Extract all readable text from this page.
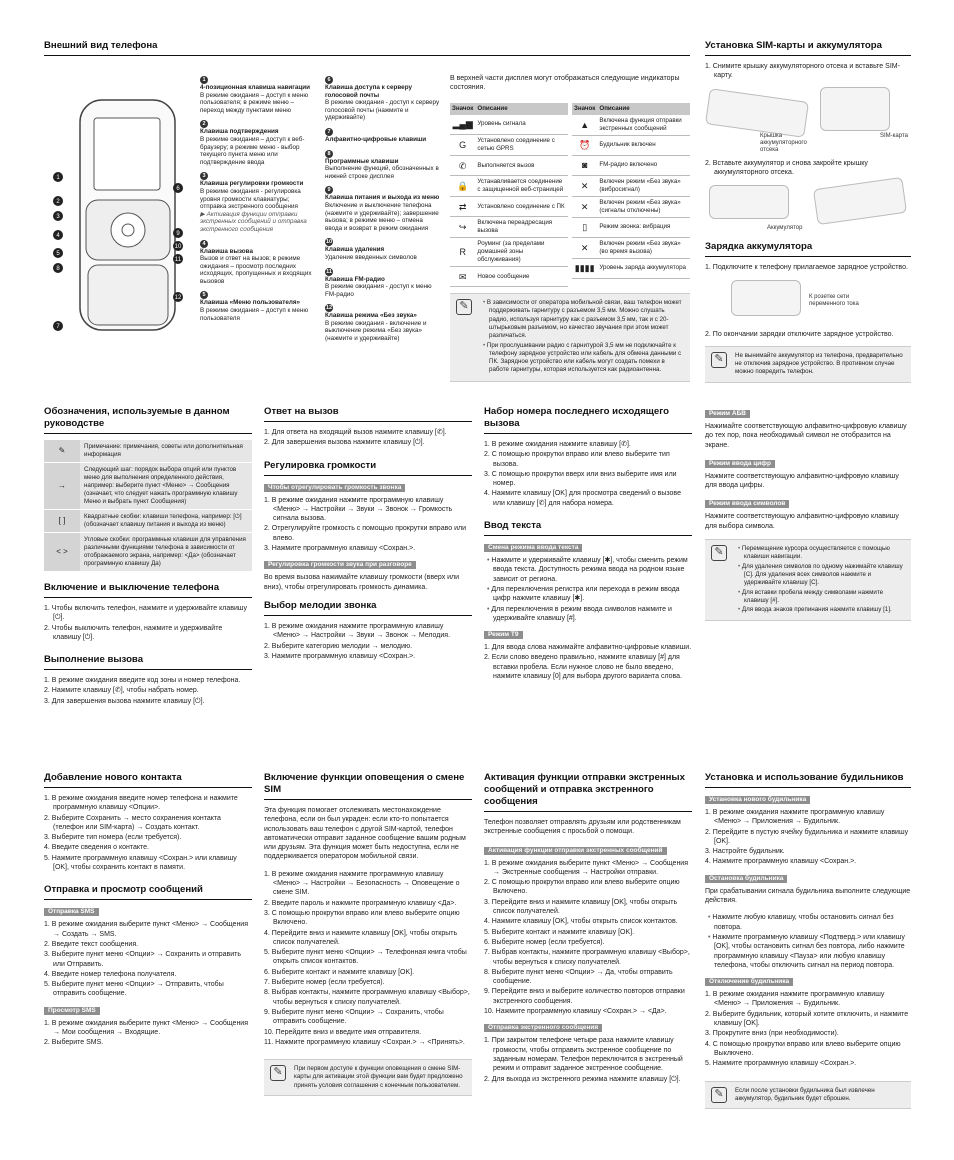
Внешний вид телефона
1
2
3
4
5
6
7
8
9
10
11
12
1
4-позиционная клавиша навигации
В режиме ожидания – доступ к меню пользователя; в режиме меню – переход между пунктами меню
2
Клавиша подтверждения
В режиме ожидания – доступ к веб-браузеру; в режиме меню - выбор текущего пункта меню или подтверждение ввода
3
Клавиша регулировки громкости
В режиме ожидания - регулировка уровня громкости клавиатуры; отправка экстренного сообщения
▶ Активация функции отправки экстренных сообщений и отправка экстренного сообщения
4
Клавиша вызова
Вызов и ответ на вызов; в режиме ожидания – просмотр последних исходящих, пропущенных и входящих вызовов
5
Клавиша «Меню пользователя»
В режиме ожидания – доступ к меню пользователя
6
Клавиша доступа к серверу голосовой почты
В режиме ожидания - доступ к серверу голосовой почты (нажмите и удерживайте)
7
Алфавитно-цифровые клавиши
8
Программные клавиши
Выполнение функций, обозначенных в нижней строке дисплея
9
Клавиша питания и выхода из меню
Включение и выключение телефона (нажмите и удерживайте); завершение вызова; в режиме меню – отмена ввода и возврат в режим ожидания
10
Клавиша удаления
Удаление введенных символов
11
Клавиша FM-радио
В режиме ожидания - доступ к меню FM-радио
12
Клавиша режима «Без звука»
В режиме ожидания - включение и выключение режима «Без звука» (нажмите и удерживайте)
В верхней части дисплея могут отображаться следующие индикаторы состояния.
Значок	Описание
▂▄▆	Уровень сигнала
G	Установлено соединение с сетью GPRS
✆	Выполняется вызов
🔒	Устанавливается соединение с защищенной веб-страницей
⇄	Установлено соединение с ПК
↪	Включена переадресация вызова
R	Роуминг (за пределами домашней зоны обслуживания)
✉	Новое сообщение
Значок	Описание
▲	Включена функция отправки экстренных сообщений
⏰	Будильник включен
◙	FM-радио включено
✕	Включен режим «Без звука» (вибросигнал)
✕	Включен режим «Без звука» (сигналы отключены)
▯	Режим звонка: вибрация
✕	Включен режим «Без звука» (во время вызова)
▮▮▮▮	Уровень заряда аккумулятора
✎	• В зависимости от оператора мобильной связи, ваш телефон может поддерживать гарнитуру с разъемом 3,5 мм. Можно слушать радио, используя гарнитуру как с разъемом 3,5 мм, так и с 20-штырьковым разъемом, но качество звучания при этом может различаться.
• При прослушивании радио с гарнитурой 3,5 мм не подключайте к телефону зарядное устройство или кабель для обмена данными с ПК. Зарядное устройство или кабель могут создать помехи в работе гарнитуры, которая используется как радиоантенна.
Установка SIM-карты и аккумулятора
1. Снимите крышку аккумуляторного отсека и вставьте SIM-карту.
Крышка аккумуляторного отсека
SIM-карта
2. Вставьте аккумулятор и снова закройте крышку аккумуляторного отсека.
Аккумулятор
Зарядка аккумулятора
1. Подключите к телефону прилагаемое зарядное устройство.
К розетке сети переменного тока
2. По окончании зарядки отключите зарядное устройство.
✎	Не вынимайте аккумулятор из телефона, предварительно не отключив зарядное устройство. В противном случае можно повредить телефон.
Обозначения, используемые в данном руководстве
✎	Примечание: примечания, советы или дополнительная информация
→	Следующий шаг: порядок выбора опций или пунктов меню для выполнения определенного действия, например: выберите пункт <Меню> → Сообщения (означает, что следует нажать программную клавишу Меню и выбрать пункт Сообщения)
[ ]	Квадратные скобки: клавиши телефона, например: [⏻] (обозначает клавишу питания и выхода из меню)
< >	Угловые скобки: программные клавиши для управления различными функциями телефона в зависимости от отображаемого экрана, например: <Да> (обозначает программную клавишу Да)
Включение и выключение телефона
1. Чтобы включить телефон, нажмите и удерживайте клавишу [⏻].
2. Чтобы выключить телефон, нажмите и удерживайте клавишу [⏻].
Выполнение вызова
1. В режиме ожидания введите код зоны и номер телефона.
2. Нажмите клавишу [✆], чтобы набрать номер.
3. Для завершения вызова нажмите клавишу [⏻].
Ответ на вызов
1. Для ответа на входящий вызов нажмите клавишу [✆].
2. Для завершения вызова нажмите клавишу [⏻].
Регулировка громкости
Чтобы отрегулировать громкость звонка

1. В режиме ожидания нажмите программную клавишу <Меню> → Настройки → Звуки → Звонок → Громкость сигнала вызова.
2. Отрегулируйте громкость с помощью прокрутки вправо или влево.
3. Нажмите программную клавишу <Сохран.>.
Регулировка громкости звука при разговоре

Во время вызова нажимайте клавишу громкости (вверх или вниз), чтобы отрегулировать громкость динамика.
Выбор мелодии звонка
1. В режиме ожидания нажмите программную клавишу <Меню> → Настройки → Звуки → Звонок → Мелодия.
2. Выберите категорию мелодии → мелодию.
3. Нажмите программную клавишу <Сохран.>.
Набор номера последнего исходящего вызова
1. В режиме ожидания нажмите клавишу [✆].
2. С помощью прокрутки вправо или влево выберите тип вызова.
3. С помощью прокрутки вверх или вниз выберите имя или номер.
4. Нажмите клавишу [OK] для просмотра сведений о вызове или клавишу [✆] для набора номера.
Ввод текста
Смена режима ввода текста

• Нажмите и удерживайте клавишу [✱], чтобы сменить режим ввода текста. Доступность режима ввода на родном языке зависит от региона.
• Для переключения регистра или перехода в режим ввода цифр нажмите клавишу [✱].
• Для переключения в режим ввода символов нажмите и удерживайте клавишу [#].
Режим T9

1. Для ввода слова нажимайте алфавитно-цифровые клавиши.
2. Если слово введено правильно, нажмите клавишу [#] для вставки пробела. Если нужное слово не было введено, нажмите клавишу [0] для выбора другого варианта слова.
Режим АБВ

Нажимайте соответствующую алфавитно-цифровую клавишу до тех пор, пока необходимый символ не отобразится на экране.
Режим ввода цифр

Нажмите соответствующую алфавитно-цифровую клавишу для ввода цифры.
Режим ввода символов

Нажмите соответствующую алфавитно-цифровую клавишу для выбора символа.
✎	• Перемещение курсора осуществляется с помощью клавиши навигации.
• Для удаления символов по одному нажимайте клавишу [C]. Для удаления всех символов нажмите и удерживайте клавишу [C].
• Для вставки пробела между символами нажмите клавишу [#].
• Для ввода знаков препинания нажмите клавишу [1].
Добавление нового контакта
1. В режиме ожидания введите номер телефона и нажмите программную клавишу <Опции>.
2. Выберите Сохранить → место сохранения контакта (телефон или SIM-карта) → Создать контакт.
3. Выберите тип номера (если требуется).
4. Введите сведения о контакте.
5. Нажмите программную клавишу <Сохран.> или клавишу [OK], чтобы сохранить контакт в памяти.
Отправка и просмотр сообщений
Отправка SMS

1. В режиме ожидания выберите пункт <Меню> → Сообщения → Создать → SMS.
2. Введите текст сообщения.
3. Выберите пункт меню <Опции> → Сохранить и отправить или Отправить.
4. Введите номер телефона получателя.
5. Выберите пункт меню <Опции> → Отправить, чтобы отправить сообщение.
Просмотр SMS

1. В режиме ожидания выберите пункт <Меню> → Сообщения → Мои сообщения → Входящие.
2. Выберите SMS.
Включение функции оповещения о смене SIM
Эта функция помогает отслеживать местонахождение телефона, если он был украден: если кто-то попытается использовать ваш телефон с другой SIM-картой, телефон автоматически отправит заданное сообщение вашим родным или друзьям. Эта функция может быть недоступна, если не поддерживается оператором мобильной связи.
1. В режиме ожидания нажмите программную клавишу <Меню> → Настройки → Безопасность → Оповещение о смене SIM.
2. Введите пароль и нажмите программную клавишу <Да>.
3. С помощью прокрутки вправо или влево выберите опцию Включено.
4. Перейдите вниз и нажмите клавишу [OK], чтобы открыть список получателей.
5. Выберите пункт меню <Опции> → Телефонная книга чтобы открыть список контактов.
6. Выберите контакт и нажмите клавишу [OK].
7. Выберите номер (если требуется).
8. Выбрав контакты, нажмите программную клавишу <Выбор>, чтобы вернуться к списку получателей.
9. Выберите пункт меню <Опции> → Сохранить, чтобы отправить сообщение.
10. Перейдите вниз и введите имя отправителя.
11. Нажмите программную клавишу <Сохран.> → <Принять>.
✎	При первом доступе к функции оповещения о смене SIM-карты для активации этой функции вам будет предложено принять условия соглашения с конечным пользователем.
Активация функции отправки экстренных сообщений и отправка экстренного сообщения
Телефон позволяет отправлять друзьям или родственникам экстренные сообщения с просьбой о помощи.
Активация функции отправки экстренных сообщений

1. В режиме ожидания выберите пункт <Меню> → Сообщения → Экстренные сообщения → Настройки отправки.
2. С помощью прокрутки вправо или влево выберите опцию Включено.
3. Перейдите вниз и нажмите клавишу [OK], чтобы открыть список получателей.
4. Нажмите клавишу [OK], чтобы открыть список контактов.
5. Выберите контакт и нажмите клавишу [OK].
6. Выберите номер (если требуется).
7. Выбрав контакты, нажмите программную клавишу <Выбор>, чтобы вернуться к списку получателей.
8. Выберите пункт меню <Опции> → Да, чтобы отправить сообщение.
9. Перейдите вниз и выберите количество повторов отправки экстренного сообщения.
10. Нажмите программную клавишу <Сохран.> → <Да>.
Отправка экстренного сообщения

1. При закрытом телефоне четыре раза нажмите клавишу громкости, чтобы отправить экстренное сообщение по заданным номерам. Телефон переключится в экстренный режим и отправит заданное экстренное сообщение.
2. Для выхода из экстренного режима нажмите клавишу [⏻].
Установка и использование будильников
Установка нового будильника

1. В режиме ожидания нажмите программную клавишу <Меню> → Приложения → Будильник.
2. Перейдите в пустую ячейку будильника и нажмите клавишу [OK].
3. Настройте будильник.
4. Нажмите программную клавишу <Сохран.>.
Остановка будильника

При срабатывании сигнала будильника выполните следующие действия.
• Нажмите любую клавишу, чтобы остановить сигнал без повтора.
• Нажмите программную клавишу <Подтверд.> или клавишу [OK], чтобы остановить сигнал без повтора, либо нажмите программную клавишу <Пауза> или любую клавишу телефона, чтобы отключить сигнал на период повтора.
Отключение будильника

1. В режиме ожидания нажмите программную клавишу <Меню> → Приложения → Будильник.
2. Выберите будильник, который хотите отключить, и нажмите клавишу [OK].
3. Прокрутите вниз (при необходимости).
4. С помощью прокрутки вправо или влево выберите опцию Выключено.
5. Нажмите программную клавишу <Сохран.>.
✎	Если после установки будильника был извлечен аккумулятор, будильник будет сброшен.
